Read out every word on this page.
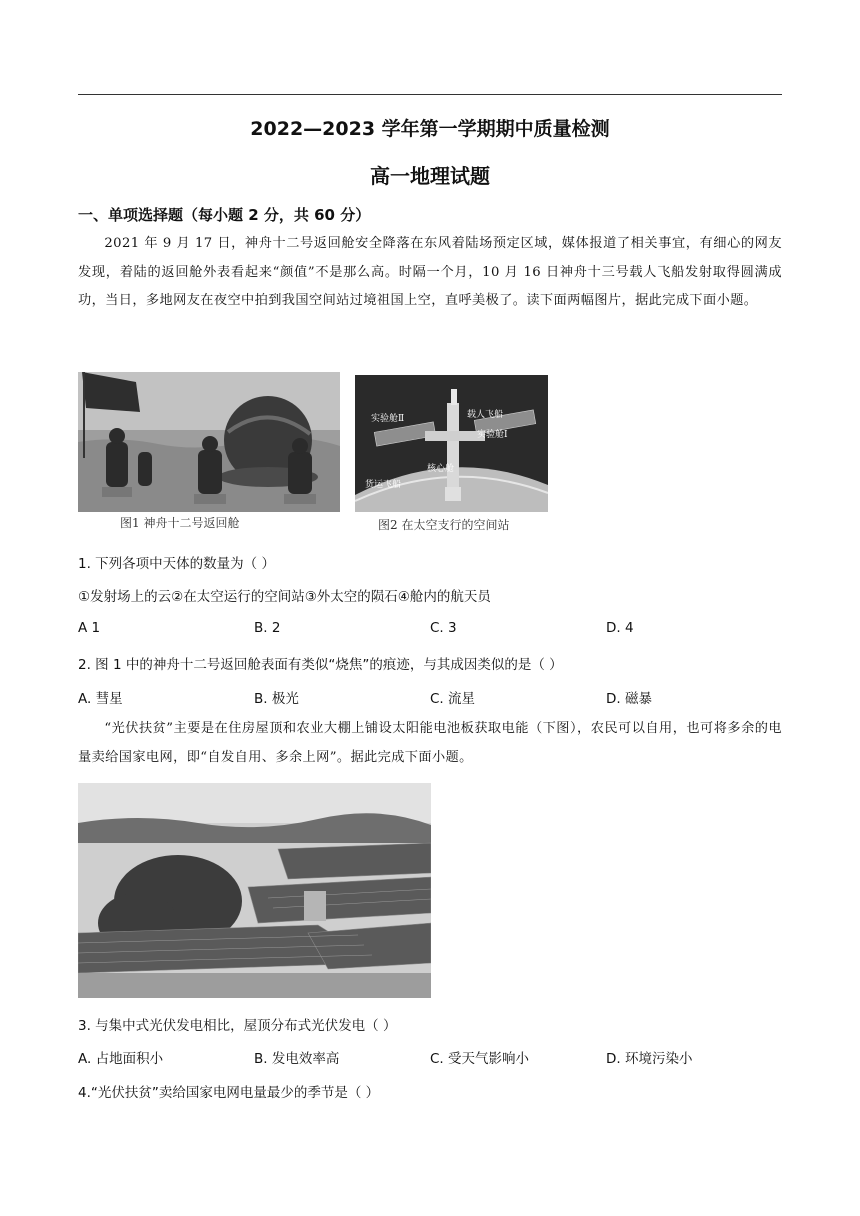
2022—2023 学年第一学期期中质量检测
高一地理试题
一、单项选择题（每小题 2 分，共 60 分）
2021 年 9 月 17 日，神舟十二号返回舱安全降落在东风着陆场预定区域，媒体报道了相关事宜，有细心的网友发现，着陆的返回舱外表看起来“颜值”不是那么高。时隔一个月，10 月 16 日神舟十三号载人飞船发射取得圆满成功，当日，多地网友在夜空中拍到我国空间站过境祖国上空，直呼美极了。读下面两幅图片，据此完成下面小题。
图1 神舟十二号返回舱
实验舱Ⅱ	载人飞船
实验舱Ⅰ
核心舱
货运飞船
图2 在太空支行的空间站
1. 下列各项中天体的数量为（ ）
①发射场上的云②在太空运行的空间站③外太空的陨石④舱内的航天员
A 1	B. 2	C. 3	D. 4
2. 图 1 中的神舟十二号返回舱表面有类似“烧焦”的痕迹，与其成因类似的是（ ）
A. 彗星	B. 极光	C. 流星	D. 磁暴
“光伏扶贫”主要是在住房屋顶和农业大棚上铺设太阳能电池板获取电能（下图），农民可以自用，也可将多余的电量卖给国家电网，即“自发自用、多余上网”。据此完成下面小题。
3. 与集中式光伏发电相比，屋顶分布式光伏发电（ ）
A. 占地面积小	B. 发电效率高	C. 受天气影响小	D. 环境污染小
4.“光伏扶贫”卖给国家电网电量最少的季节是（ ）
